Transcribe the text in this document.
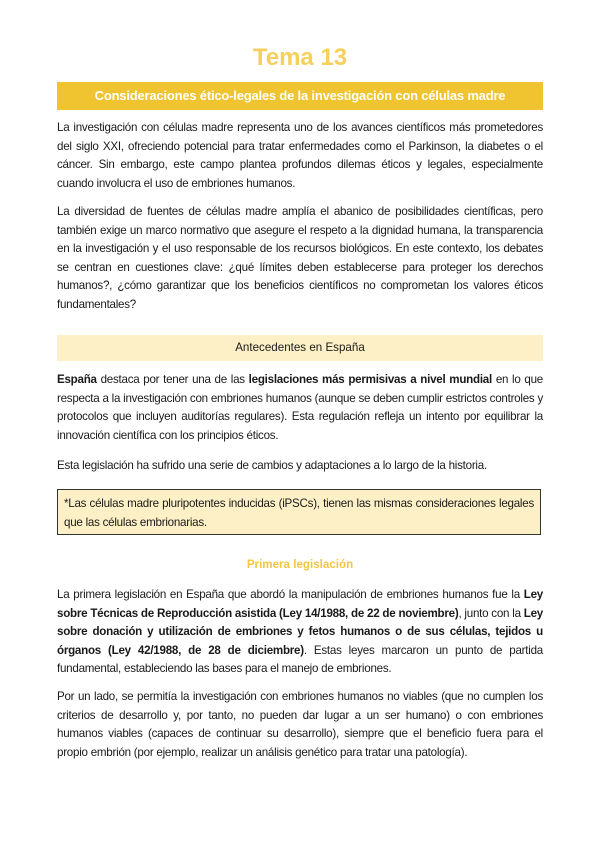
Tema 13
Consideraciones ético-legales de la investigación con células madre

La investigación con células madre representa uno de los avances científicos más prometedores del siglo XXI, ofreciendo potencial para tratar enfermedades como el Parkinson, la diabetes o el cáncer. Sin embargo, este campo plantea profundos dilemas éticos y legales, especialmente cuando involucra el uso de embriones humanos.

La diversidad de fuentes de células madre amplía el abanico de posibilidades científicas, pero también exige un marco normativo que asegure el respeto a la dignidad humana, la transparencia en la investigación y el uso responsable de los recursos biológicos. En este contexto, los debates se centran en cuestiones clave: ¿qué límites deben establecerse para proteger los derechos humanos?, ¿cómo garantizar que los beneficios científicos no comprometan los valores éticos fundamentales?

Antecedentes en España

España destaca por tener una de las legislaciones más permisivas a nivel mundial en lo que respecta a la investigación con embriones humanos (aunque se deben cumplir estrictos controles y protocolos que incluyen auditorías regulares). Esta regulación refleja un intento por equilibrar la innovación científica con los principios éticos.

Esta legislación ha sufrido una serie de cambios y adaptaciones a lo largo de la historia.

*Las células madre pluripotentes inducidas (iPSCs), tienen las mismas consideraciones legales que las células embrionarias.

Primera legislación

La primera legislación en España que abordó la manipulación de embriones humanos fue la Ley sobre Técnicas de Reproducción asistida (Ley 14/1988, de 22 de noviembre), junto con la Ley sobre donación y utilización de embriones y fetos humanos o de sus células, tejidos u órganos (Ley 42/1988, de 28 de diciembre). Estas leyes marcaron un punto de partida fundamental, estableciendo las bases para el manejo de embriones.

Por un lado, se permitía la investigación con embriones humanos no viables (que no cumplen los criterios de desarrollo y, por tanto, no pueden dar lugar a un ser humano) o con embriones humanos viables (capaces de continuar su desarrollo), siempre que el beneficio fuera para el propio embrión (por ejemplo, realizar un análisis genético para tratar una patología).
